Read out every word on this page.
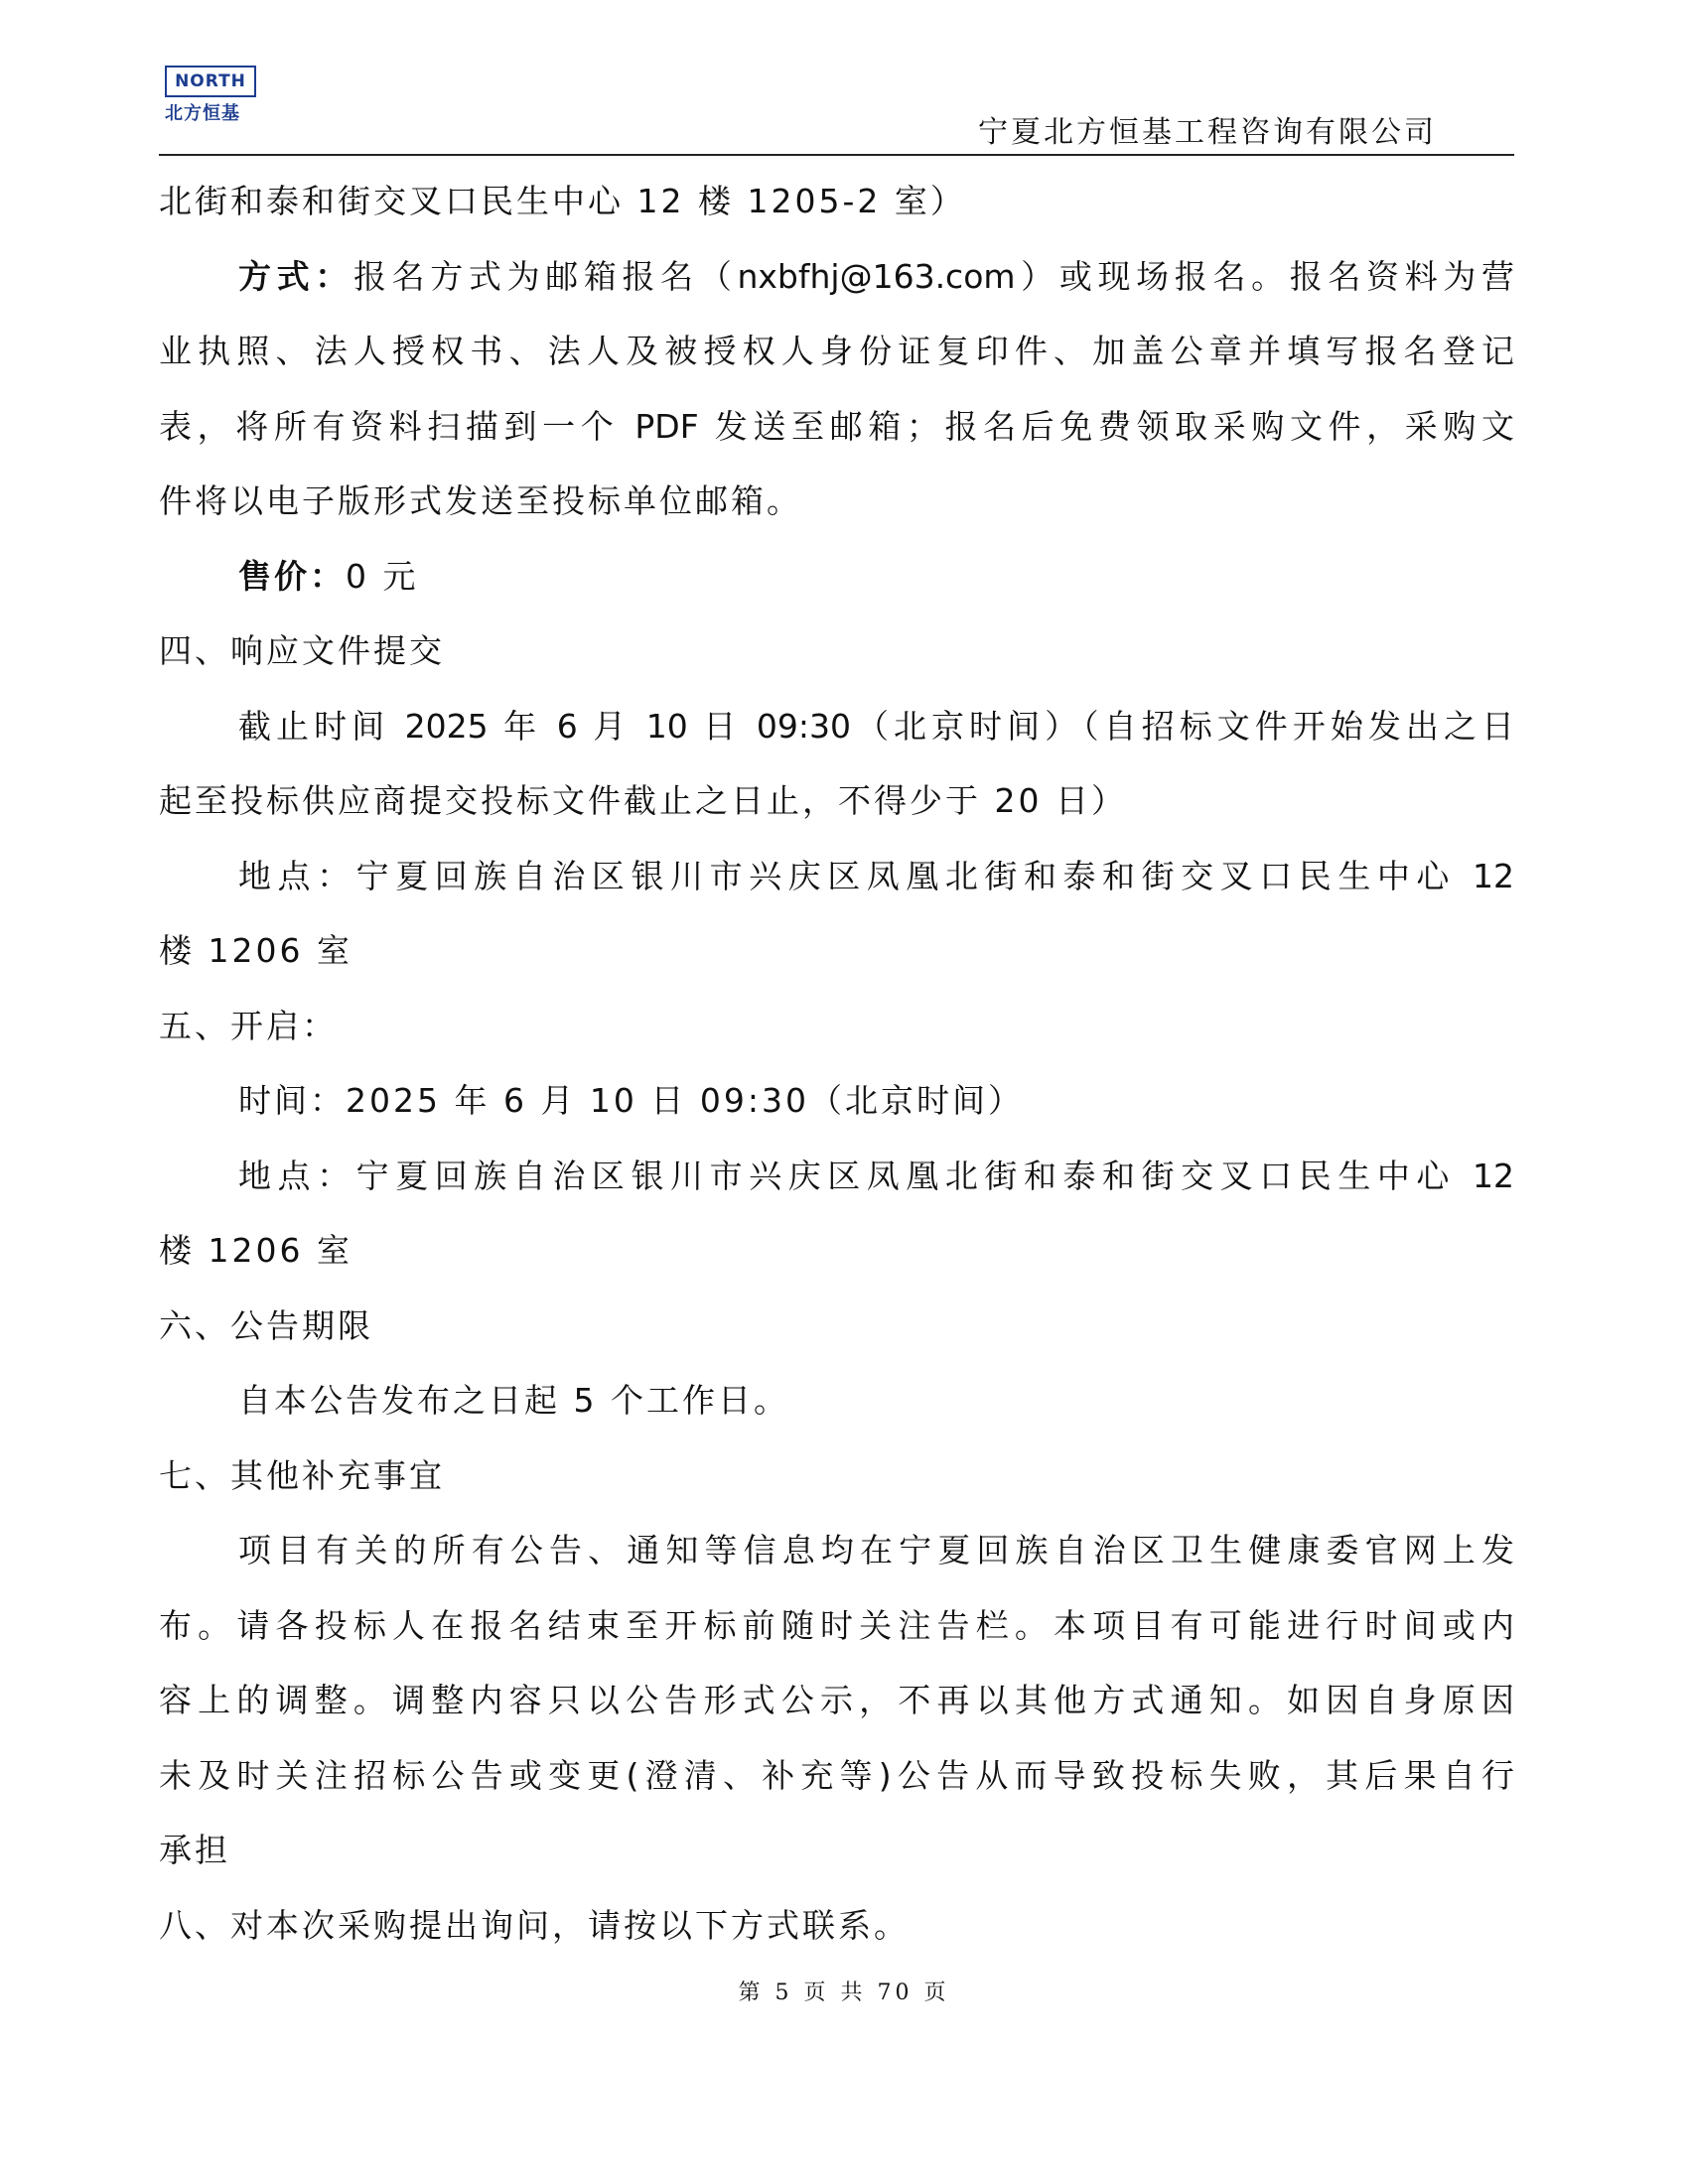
NORTH
北方恒基
宁夏北方恒基工程咨询有限公司
北街和泰和街交叉口民生中心 12 楼 1205-2 室）
方式：报名方式为邮箱报名（nxbfhj@163.com）或现场报名。报名资料为营
业执照、法人授权书、法人及被授权人身份证复印件、加盖公章并填写报名登记
表，将所有资料扫描到一个 PDF 发送至邮箱；报名后免费领取采购文件，采购文
件将以电子版形式发送至投标单位邮箱。
售价：0 元
四、响应文件提交
截止时间 2025 年 6 月 10 日 09:30（北京时间）（自招标文件开始发出之日
起至投标供应商提交投标文件截止之日止，不得少于 20 日）
地点：宁夏回族自治区银川市兴庆区凤凰北街和泰和街交叉口民生中心 12
楼 1206 室
五、开启：
时间：2025 年 6 月 10 日 09:30（北京时间）
地点：宁夏回族自治区银川市兴庆区凤凰北街和泰和街交叉口民生中心 12
楼 1206 室
六、公告期限
自本公告发布之日起 5 个工作日。
七、其他补充事宜
项目有关的所有公告、通知等信息均在宁夏回族自治区卫生健康委官网上发
布。请各投标人在报名结束至开标前随时关注告栏。本项目有可能进行时间或内
容上的调整。调整内容只以公告形式公示，不再以其他方式通知。如因自身原因
未及时关注招标公告或变更(澄清、补充等)公告从而导致投标失败，其后果自行
承担
八、对本次采购提出询问，请按以下方式联系。
第 5 页 共 70 页
